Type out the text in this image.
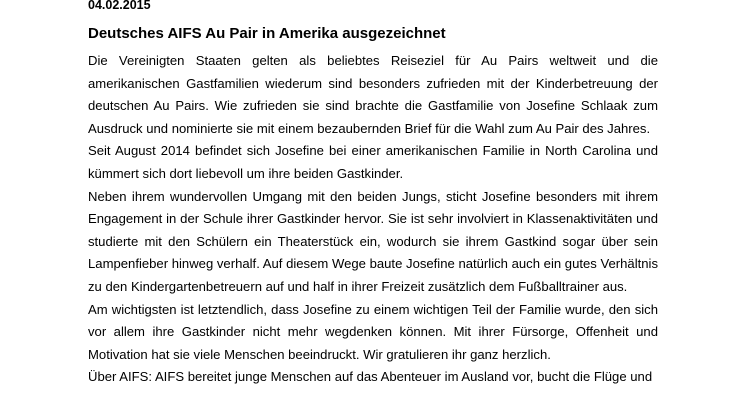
04.02.2015
Deutsches AIFS Au Pair in Amerika ausgezeichnet

Die Vereinigten Staaten gelten als beliebtes Reiseziel für Au Pairs weltweit und die amerikanischen Gastfamilien wiederum sind besonders zufrieden mit der Kinderbetreuung der deutschen Au Pairs. Wie zufrieden sie sind brachte die Gastfamilie von Josefine Schlaak zum Ausdruck und nominierte sie mit einem bezaubernden Brief für die Wahl zum Au Pair des Jahres.

Seit August 2014 befindet sich Josefine bei einer amerikanischen Familie in North Carolina und kümmert sich dort liebevoll um ihre beiden Gastkinder.

Neben ihrem wundervollen Umgang mit den beiden Jungs, sticht Josefine besonders mit ihrem Engagement in der Schule ihrer Gastkinder hervor. Sie ist sehr involviert in Klassenaktivitäten und studierte mit den Schülern ein Theaterstück ein, wodurch sie ihrem Gastkind sogar über sein Lampenfieber hinweg verhalf. Auf diesem Wege baute Josefine natürlich auch ein gutes Verhältnis zu den Kindergartenbetreuern auf und half in ihrer Freizeit zusätzlich dem Fußballtrainer aus.

Am wichtigsten ist letztendlich, dass Josefine zu einem wichtigen Teil der Familie wurde, den sich vor allem ihre Gastkinder nicht mehr wegdenken können. Mit ihrer Fürsorge, Offenheit und Motivation hat sie viele Menschen beeindruckt. Wir gratulieren ihr ganz herzlich.

Über AIFS: AIFS bereitet junge Menschen auf das Abenteuer im Ausland vor, bucht die Flüge und
